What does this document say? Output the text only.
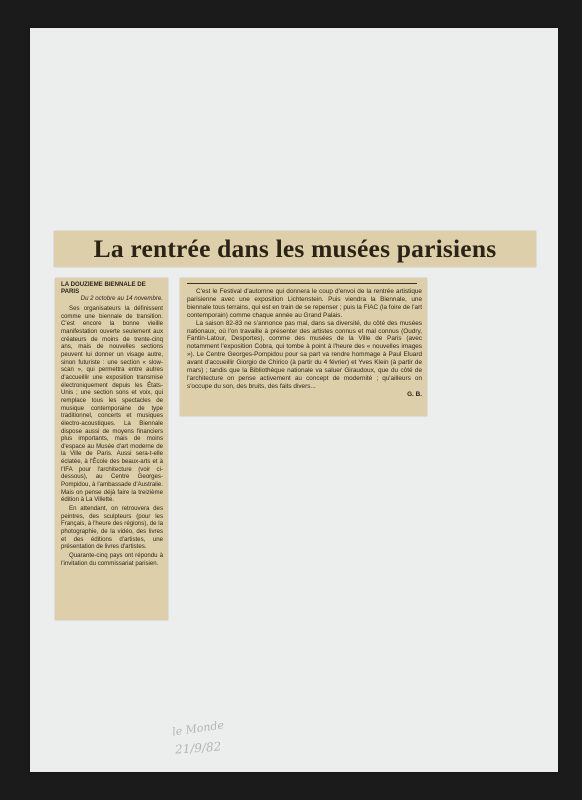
La rentrée dans les musées parisiens
LA DOUZIEME BIENNALE DE PARIS
Du 2 octobre au 14 novembre.

Ses organisateurs la définissent comme une biennale de transition. C'est encore la bonne vieille manifestation ouverte seulement aux créateurs de moins de trente-cinq ans, mais de nouvelles sections peuvent lui donner un visage autre, sinon futuriste : une section « slow-scan », qui permettra entre autres d'accueillir une exposition transmise électroniquement depuis les États-Unis ; une section sons et voix, qui remplace tous les spectacles de musique contemporaine de type traditionnel, concerts et musiques électro-acoustiques. La Biennale dispose aussi de moyens financiers plus importants, mais de moins d'espace au Musée d'art moderne de la Ville de Paris. Aussi sera-t-elle éclatée, à l'École des beaux-arts et à l'IFA pour l'architecture (voir ci-dessous), au Centre Georges-Pompidou, à l'ambassade d'Australie. Mais on pense déjà faire la treizième édition à La Villette.

En attendant, on retrouvera des peintres, des sculpteurs (pour les Français, à l'heure des régions), de la photographie, de la vidéo, des livres et des éditions d'artistes, une présentation de livres d'artistes.

Quarante-cinq pays ont répondu à l'invitation du commissariat parisien.

C'est le Festival d'automne qui donnera le coup d'envoi de la rentrée artistique parisienne avec une exposition Lichtenstein. Puis viendra la Biennale, une biennale tous terrains, qui est en train de se repenser ; puis la FIAC (la foire de l'art contemporain) comme chaque année au Grand Palais.

La saison 82-83 ne s'annonce pas mal, dans sa diversité, du côté des musées nationaux, où l'on travaille à présenter des artistes connus et mal connus (Oudry, Fantin-Latour, Desportes), comme des musées de la Ville de Paris (avec notamment l'exposition Cobra, qui tombe à point à l'heure des « nouvelles images »). Le Centre Georges-Pompidou pour sa part va rendre hommage à Paul Eluard avant d'accueillir Giorgio de Chirico (à partir du 4 février) et Yves Klein (à partir de mars) ; tandis que la Bibliothèque nationale va saluer Giraudoux, que du côté de l'architecture on pense activement au concept de modernité ; qu'ailleurs on s'occupe du son, des bruits, des faits divers...

G. B.
le Monde
21/9/82
